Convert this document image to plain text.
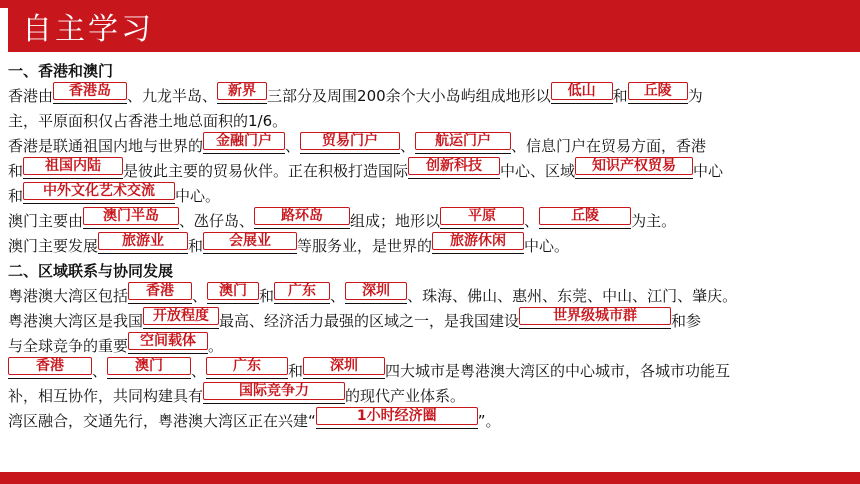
自主学习
一、香港和澳门
香港由	香港岛	、九龙半岛、 新界 三部分及周围200余个大小岛屿组成地形以	低山	和	丘陵	为
主，平原面积仅占香港土地总面积的1/6。
香港是联通祖国内地与世界的 金融门户 、	贸易门户	、	航运门户	、信息门户在贸易方面，香港
和	祖国内陆	是彼此主要的贸易伙伴。正在积极打造国际	创新科技	中心、区域	知识产权贸易	中心
和	中外文化艺术交流	中心。
澳门主要由	澳门半岛	、氹仔岛、	路环岛	组成；地形以	平原	、	丘陵	为主。
澳门主要发展	旅游业	和	会展业	等服务业，是世界的	旅游休闲	中心。
二、区域联系与协同发展
粤港澳大湾区包括	香港	、 澳门 和	广东 、	深圳	、珠海、佛山、惠州、东莞、中山、江门、肇庆。
粤港澳大湾区是我国 开放程度 最高、经济活力最强的区域之一，是我国建设	世界级城市群	和参
与全球竞争的重要 空间载体 。
香港	、	澳门	、	广东	和	深圳	四大城市是粤港澳大湾区的中心城市，各城市功能互
补，相互协作，共同构建具有	国际竞争力	的现代产业体系。
湾区融合，交通先行，粤港澳大湾区正在兴建“	1小时经济圈	”。
